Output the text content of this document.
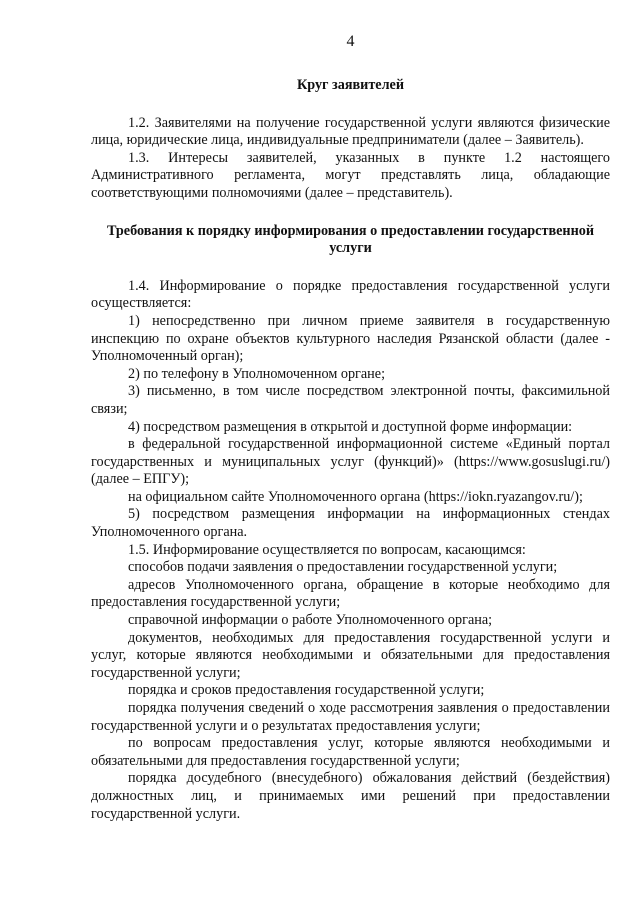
4
Круг заявителей

1.2. Заявителями на получение государственной услуги являются физические лица, юридические лица, индивидуальные предприниматели (далее – Заявитель).

1.3. Интересы заявителей, указанных в пункте 1.2 настоящего Административного регламента, могут представлять лица, обладающие соответствующими полномочиями (далее – представитель).

Требования к порядку информирования о предоставлении государственной услуги

1.4. Информирование о порядке предоставления государственной услуги осуществляется:

1) непосредственно при личном приеме заявителя в государственную инспекцию по охране объектов культурного наследия Рязанской области (далее - Уполномоченный орган);

2) по телефону в Уполномоченном органе;

3) письменно, в том числе посредством электронной почты, факсимильной связи;

4) посредством размещения в открытой и доступной форме информации:

в федеральной государственной информационной системе «Единый портал государственных и муниципальных услуг (функций)» (https://www.gosuslugi.ru/) (далее – ЕПГУ);

на официальном сайте Уполномоченного органа (https://iokn.ryazangov.ru/);

5) посредством размещения информации на информационных стендах Уполномоченного органа.

1.5. Информирование осуществляется по вопросам, касающимся:

способов подачи заявления о предоставлении государственной услуги;

адресов Уполномоченного органа, обращение в которые необходимо для предоставления государственной услуги;

справочной информации о работе Уполномоченного органа;

документов, необходимых для предоставления государственной услуги и услуг, которые являются необходимыми и обязательными для предоставления государственной услуги;

порядка и сроков предоставления государственной услуги;

порядка получения сведений о ходе рассмотрения заявления о предоставлении государственной услуги и о результатах предоставления услуги;

по вопросам предоставления услуг, которые являются необходимыми и обязательными для предоставления государственной услуги;

порядка досудебного (внесудебного) обжалования действий (бездействия) должностных лиц, и принимаемых ими решений при предоставлении государственной услуги.
